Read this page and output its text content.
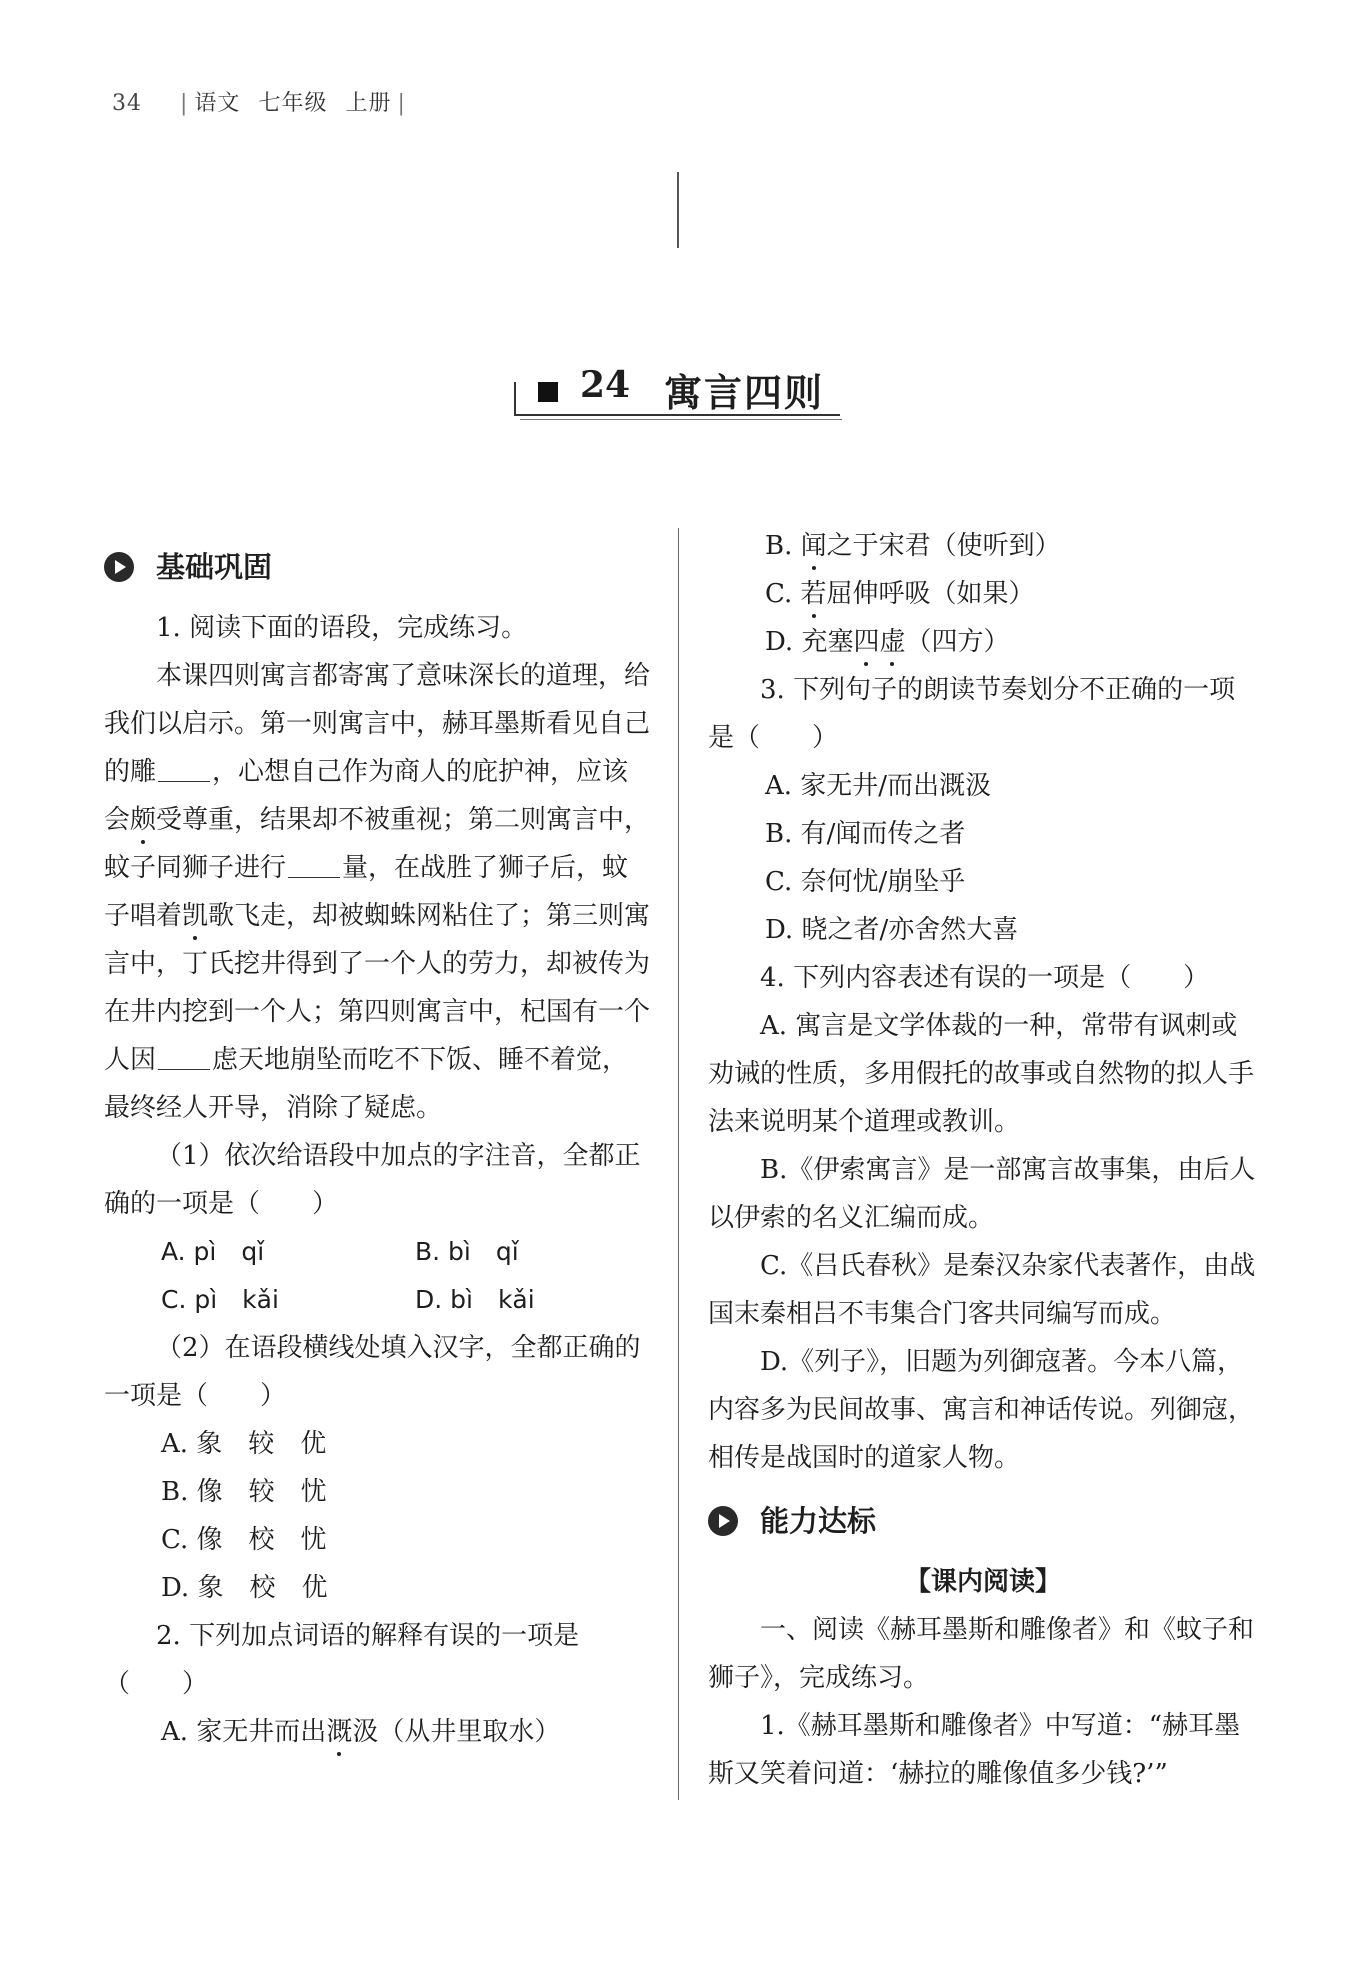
34 | 语文 七年级 上册 |
24 寓言四则
基础巩固

1. 阅读下面的语段，完成练习。

本课四则寓言都寄寓了意味深长的道理，给我们以启示。第一则寓言中，赫耳墨斯看见自己的雕 ，心想自己作为商人的庇护神，应该会颇受尊重，结果却不被重视；第二则寓言中，蚊子同狮子进行 量，在战胜了狮子后，蚊子唱着凯歌飞走，却被蜘蛛网粘住了；第三则寓言中，丁氏挖井得到了一个人的劳力，却被传为在井内挖到一个人；第四则寓言中，杞国有一个人因 虑天地崩坠而吃不下饭、睡不着觉，最终经人开导，消除了疑虑。

（1）依次给语段中加点的字注音，全都正确的一项是（　　）

A. pì　qǐ	B. bì　qǐ
C. pì　kǎi	D. bì　kǎi

（2）在语段横线处填入汉字，全都正确的一项是（　　）

A. 象　较　优

B. 像　较　忧

C. 像　校　忧

D. 象　校　优

2. 下列加点词语的解释有误的一项是（　　）

A. 家无井而出溉汲（从井里取水）

B. 闻之于宋君（使听到）

C. 若屈伸呼吸（如果）

D. 充塞四虚（四方）

3. 下列句子的朗读节奏划分不正确的一项是（　　）

A. 家无井/而出溉汲

B. 有/闻而传之者

C. 奈何忧/崩坠乎

D. 晓之者/亦舍然大喜

4. 下列内容表述有误的一项是（　　）

A. 寓言是文学体裁的一种，常带有讽刺或劝诫的性质，多用假托的故事或自然物的拟人手法来说明某个道理或教训。

B.《伊索寓言》是一部寓言故事集，由后人以伊索的名义汇编而成。

C.《吕氏春秋》是秦汉杂家代表著作，由战国末秦相吕不韦集合门客共同编写而成。

D.《列子》，旧题为列御寇著。今本八篇，内容多为民间故事、寓言和神话传说。列御寇，相传是战国时的道家人物。

能力达标

【课内阅读】

一、阅读《赫耳墨斯和雕像者》和《蚊子和狮子》，完成练习。

1.《赫耳墨斯和雕像者》中写道：“赫耳墨斯又笑着问道：‘赫拉的雕像值多少钱?’”
